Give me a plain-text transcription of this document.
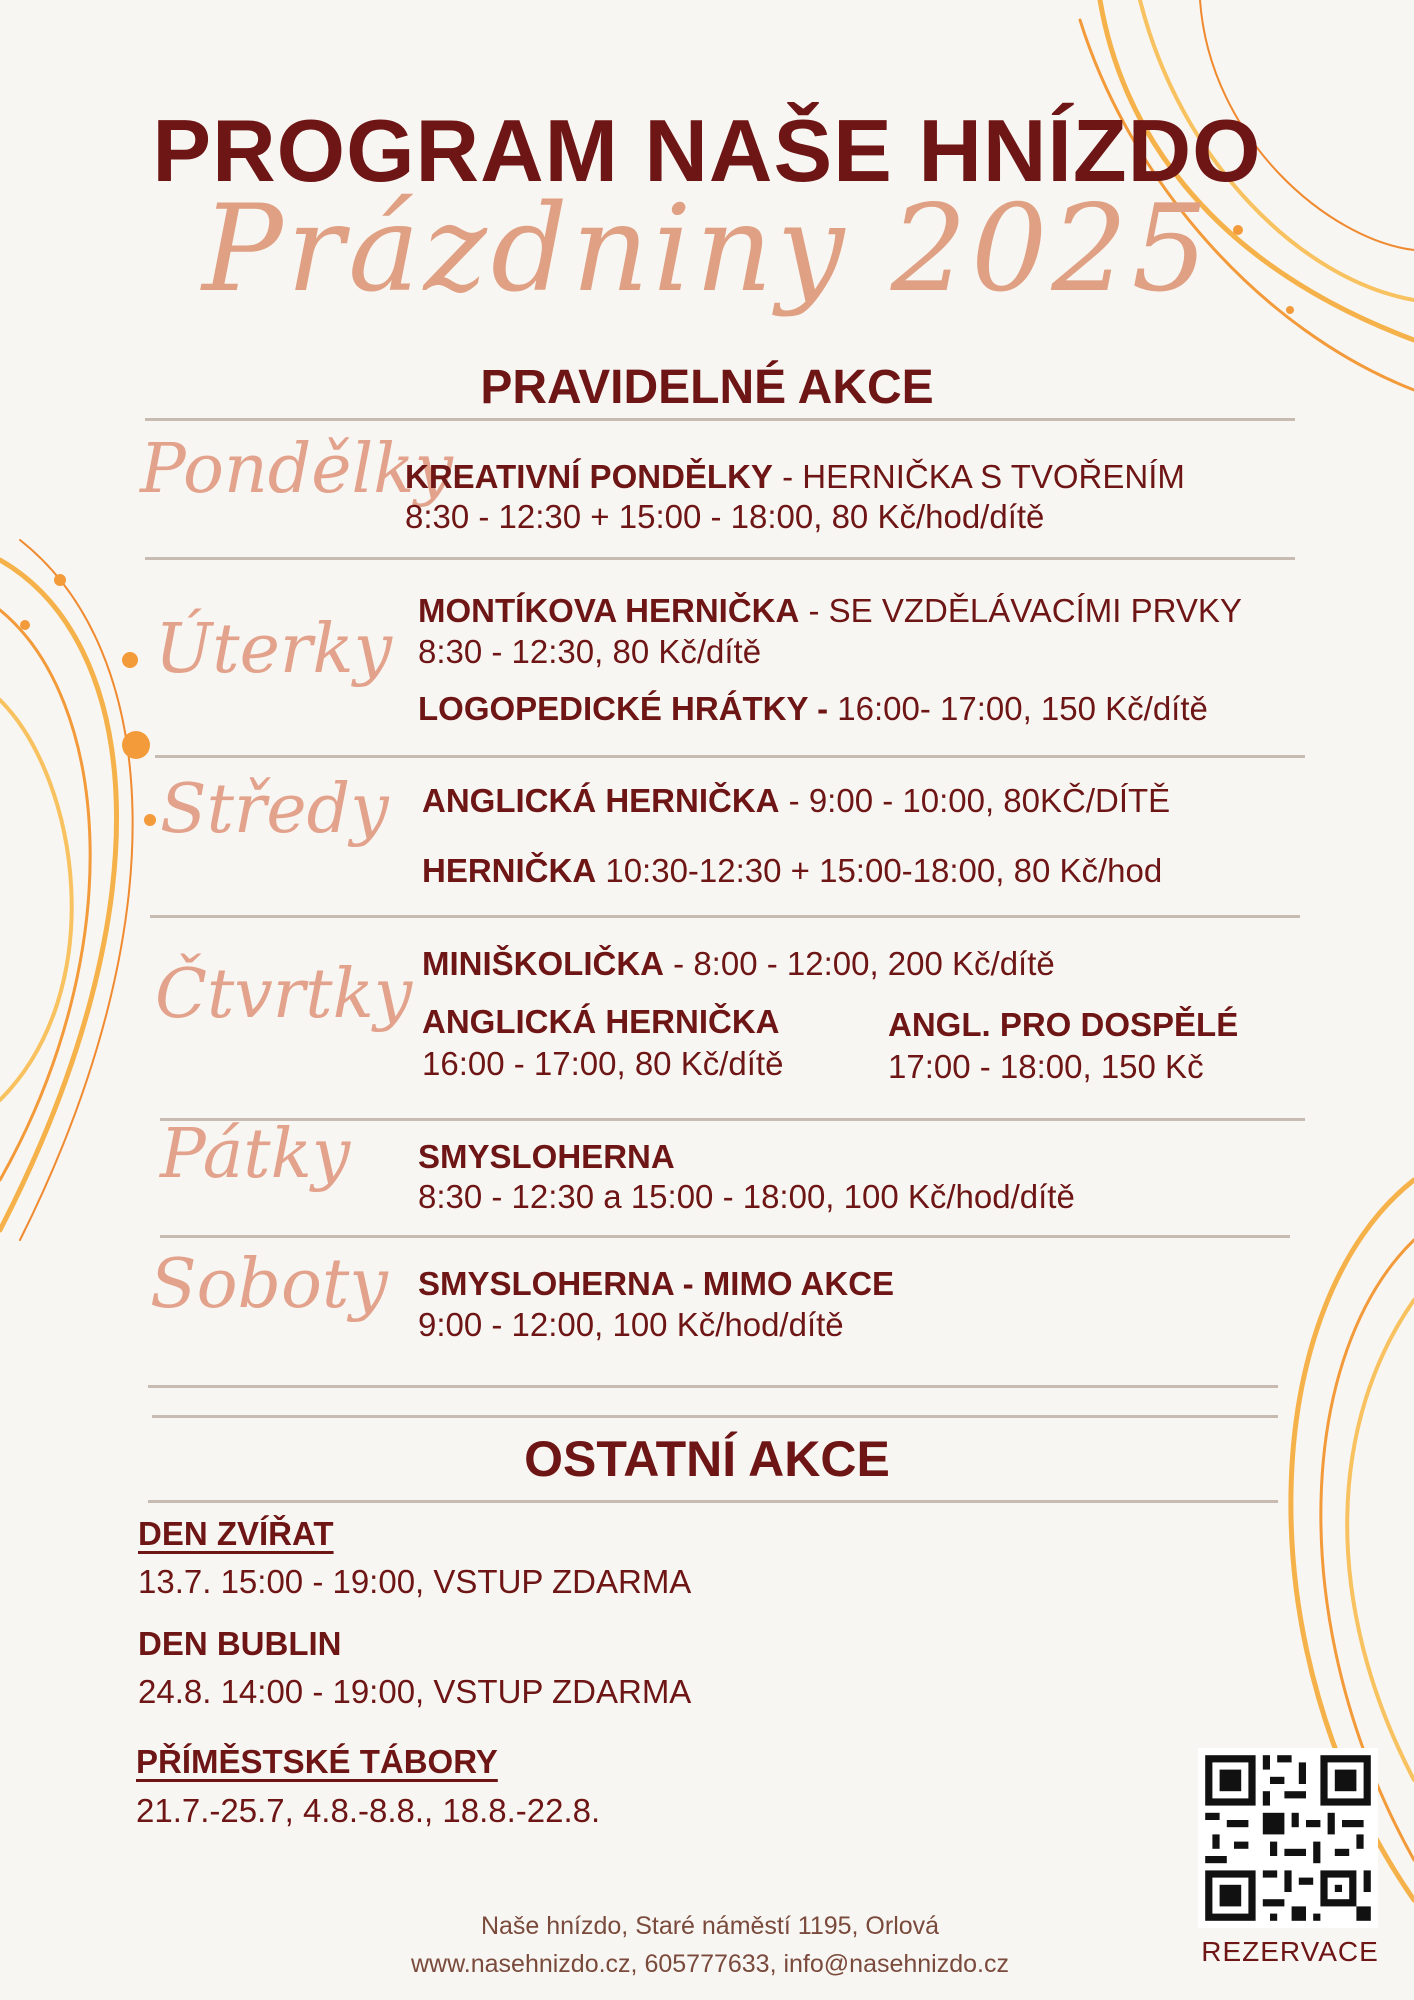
PROGRAM NAŠE HNÍZDO
Prázdniny 2025
PRAVIDELNÉ AKCE
Pondělky
KREATIVNÍ PONDĚLKY - HERNIČKA S TVOŘENÍM
8:30 - 12:30 + 15:00 - 18:00, 80 Kč/hod/dítě
Úterky MONTÍKOVA HERNIČKA - SE VZDĚLÁVACÍMI PRVKY
8:30 - 12:30, 80 Kč/dítě
LOGOPEDICKÉ HRÁTKY - 16:00- 17:00, 150 Kč/dítě
Středy ANGLICKÁ HERNIČKA - 9:00 - 10:00, 80KČ/DÍTĚ
HERNIČKA 10:30-12:30 + 15:00-18:00, 80 Kč/hod
Čtvrtky MINIŠKOLIČKA - 8:00 - 12:00, 200 Kč/dítě
ANGLICKÁ HERNIČKA
16:00 - 17:00, 80 Kč/dítě
ANGL. PRO DOSPĚLÉ
17:00 - 18:00, 150 Kč
Pátky SMYSLOHERNA
8:30 - 12:30 a 15:00 - 18:00, 100 Kč/hod/dítě
Soboty SMYSLOHERNA - MIMO AKCE
9:00 - 12:00, 100 Kč/hod/dítě
OSTATNÍ AKCE
DEN ZVÍŘAT
13.7. 15:00 - 19:00, VSTUP ZDARMA
DEN BUBLIN
24.8. 14:00 - 19:00, VSTUP ZDARMA
PŘÍMĚSTSKÉ TÁBORY
21.7.-25.7, 4.8.-8.8., 18.8.-22.8.
Naše hnízdo, Staré náměstí 1195, Orlová
www.nasehnizdo.cz, 605777633, info@nasehnizdo.cz	REZERVACE
